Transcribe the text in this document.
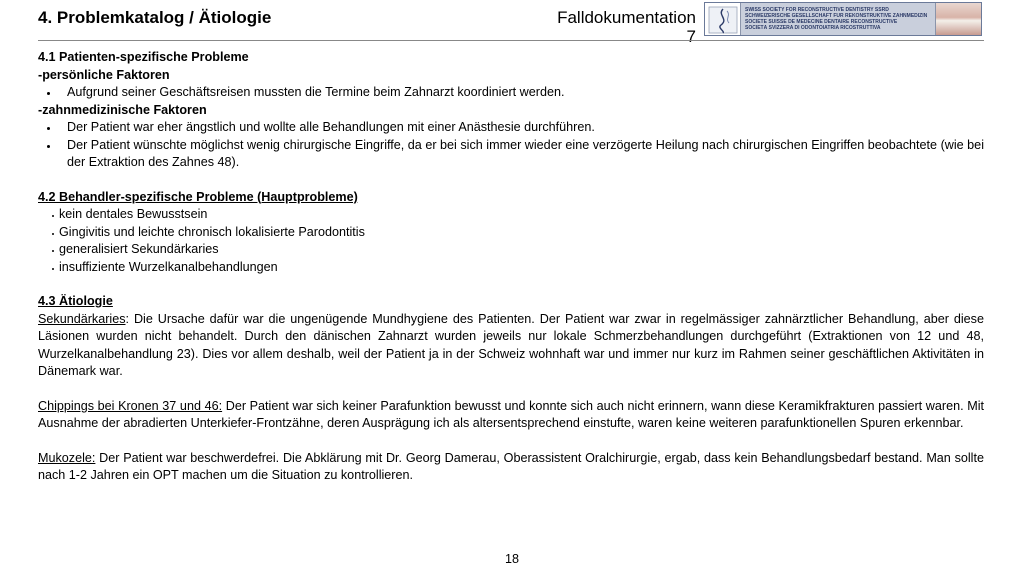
4. Problemkatalog / Ätiologie	Falldokumentation
7
SWISS SOCIETY FOR RECONSTRUCTIVE DENTISTRY SSRD
SCHWEIZERISCHE GESELLSCHAFT FÜR REKONSTRUKTIVE ZAHNMEDIZIN
SOCIÉTÉ SUISSE DE MÉDECINE DENTAIRE RECONSTRUCTIVE
SOCIETÀ SVIZZERA DI ODONTOIATRIA RICOSTRUTTIVA
4.1 Patienten-spezifische Probleme
-persönliche Faktoren
Aufgrund seiner Geschäftsreisen mussten die Termine beim Zahnarzt koordiniert werden.
-zahnmedizinische Faktoren
Der Patient war eher ängstlich und wollte alle Behandlungen mit einer Anästhesie durchführen.
Der Patient wünschte möglichst wenig chirurgische Eingriffe, da er bei sich immer wieder eine verzögerte Heilung nach chirurgischen Eingriffen beobachtete (wie bei der Extraktion des Zahnes 48).
4.2 Behandler-spezifische Probleme (Hauptprobleme)
kein dentales Bewusstsein
Gingivitis und leichte chronisch lokalisierte Parodontitis
generalisiert Sekundärkaries
insuffiziente Wurzelkanalbehandlungen
4.3 Ätiologie
Sekundärkaries: Die Ursache dafür war die ungenügende Mundhygiene des Patienten. Der Patient war zwar in regelmässiger zahnärztlicher Behandlung, aber diese Läsionen wurden nicht behandelt. Durch den dänischen Zahnarzt wurden jeweils nur lokale Schmerzbehandlungen durchgeführt (Extraktionen von 12 und 48, Wurzelkanalbehandlung 23). Dies vor allem deshalb, weil der Patient ja in der Schweiz wohnhaft war und immer nur kurz im Rahmen seiner geschäftlichen Aktivitäten in Dänemark war.
Chippings bei Kronen 37 und 46: Der Patient war sich keiner Parafunktion bewusst und konnte sich auch nicht erinnern, wann diese Keramikfrakturen passiert waren. Mit Ausnahme der abradierten Unterkiefer-Frontzähne, deren Ausprägung ich als altersentsprechend einstufte, waren keine weiteren parafunktionellen Spuren erkennbar.
Mukozele: Der Patient war beschwerdefrei. Die Abklärung mit Dr. Georg Damerau, Oberassistent Oralchirurgie, ergab, dass kein Behandlungsbedarf bestand. Man sollte nach 1-2 Jahren ein OPT machen um die Situation zu kontrollieren.
18
